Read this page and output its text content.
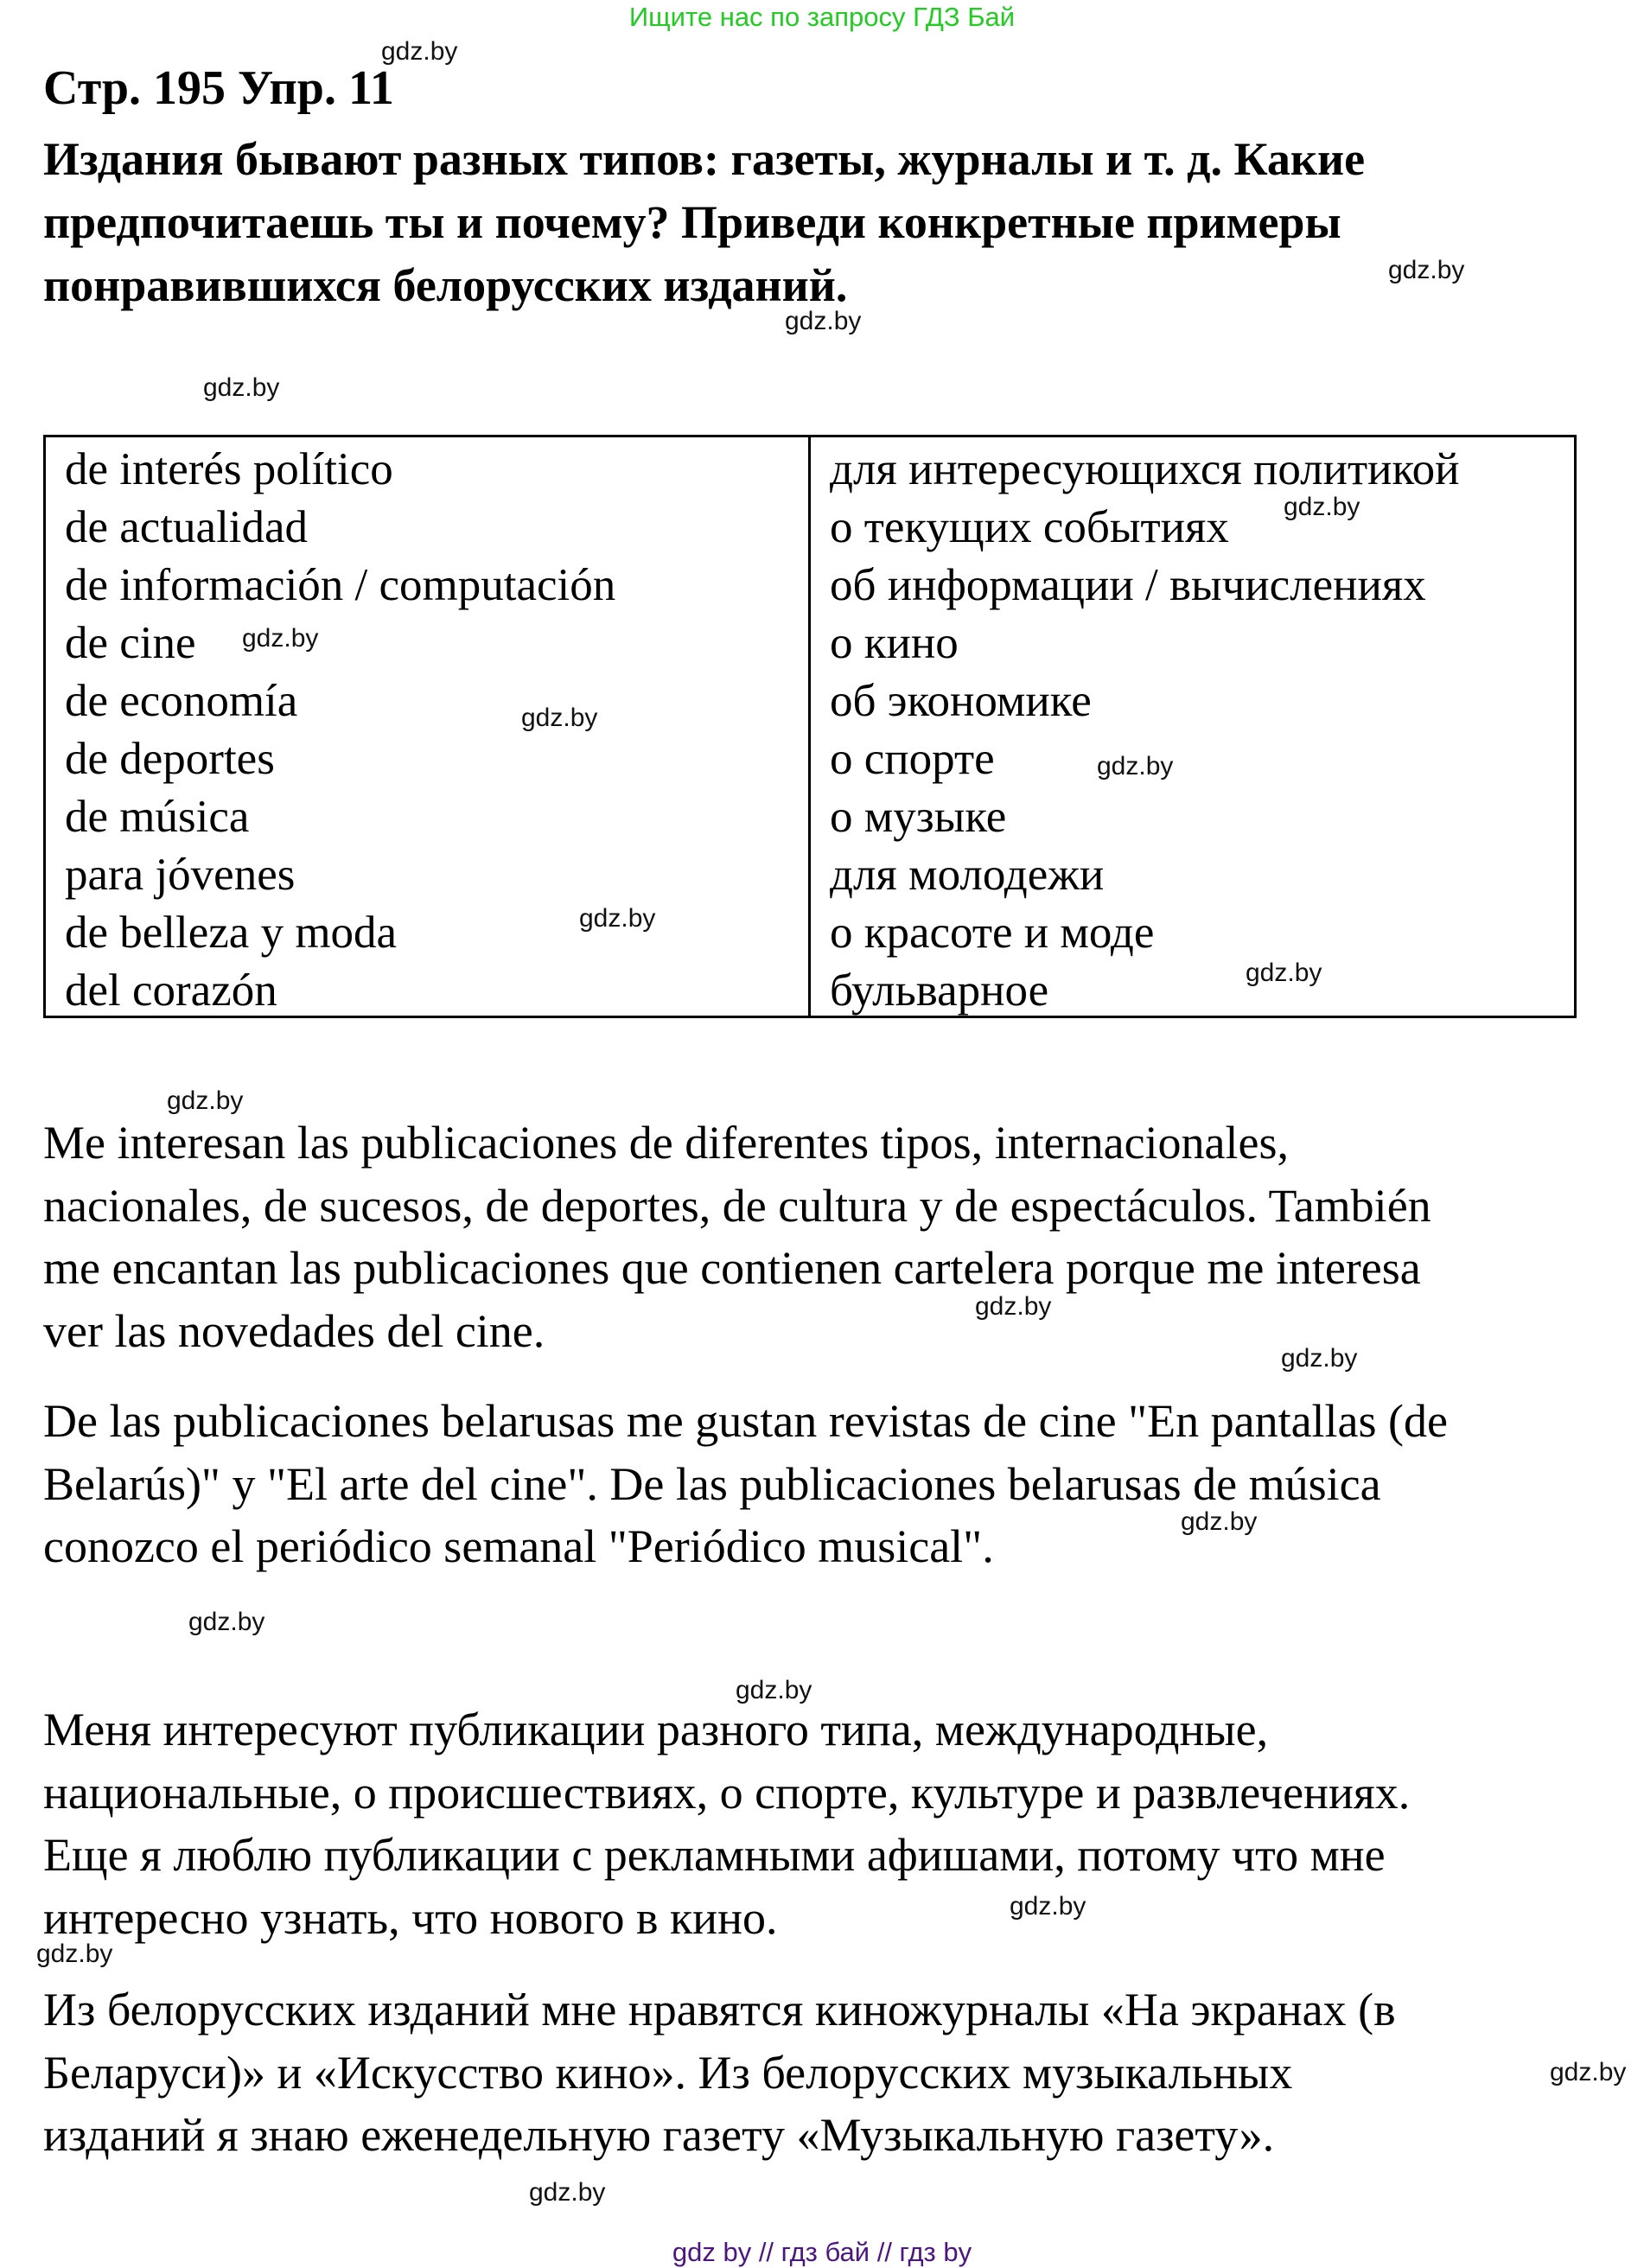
Ищите нас по запросу ГДЗ Бай
Стр. 195 Упр. 11
Издания бывают разных типов: газеты, журналы и т. д. Какие
предпочитаешь ты и почему? Приведи конкретные примеры
понравившихся белорусских изданий.
de interés político
de actualidad
de información / computación
de cine
de economía
de deportes
de música
para jóvenes
de belleza y moda
del corazón
для интересующихся политикой
о текущих событиях
об информации / вычислениях
о кино
об экономике
о спорте
о музыке
для молодежи
о красоте и моде
бульварное
Me interesan las publicaciones de diferentes tipos, internacionales,
nacionales, de sucesos, de deportes, de cultura y de espectáculos. También
me encantan las publicaciones que contienen cartelera porque me interesa
ver las novedades del cine.
De las publicaciones belarusas me gustan revistas de cine "En pantallas (de
Belarús)" y "El arte del cine". De las publicaciones belarusas de música
conozco el periódico semanal "Periódico musical".
Меня интересуют публикации разного типа, международные,
национальные, о происшествиях, о спорте, культуре и развлечениях.
Еще я люблю публикации с рекламными афишами, потому что мне
интересно узнать, что нового в кино.
Из белорусских изданий мне нравятся киножурналы «На экранах (в
Беларуси)» и «Искусство кино». Из белорусских музыкальных
изданий я знаю еженедельную газету «Музыкальную газету».
gdz.by
gdz.by
gdz.by
gdz.by
gdz.by
gdz.by
gdz.by
gdz.by
gdz.by
gdz.by
gdz.by
gdz.by
gdz.by
gdz.by
gdz.by
gdz.by
gdz.by
gdz.by
gdz.by
gdz.by
gdz by // гдз бай // гдз by
